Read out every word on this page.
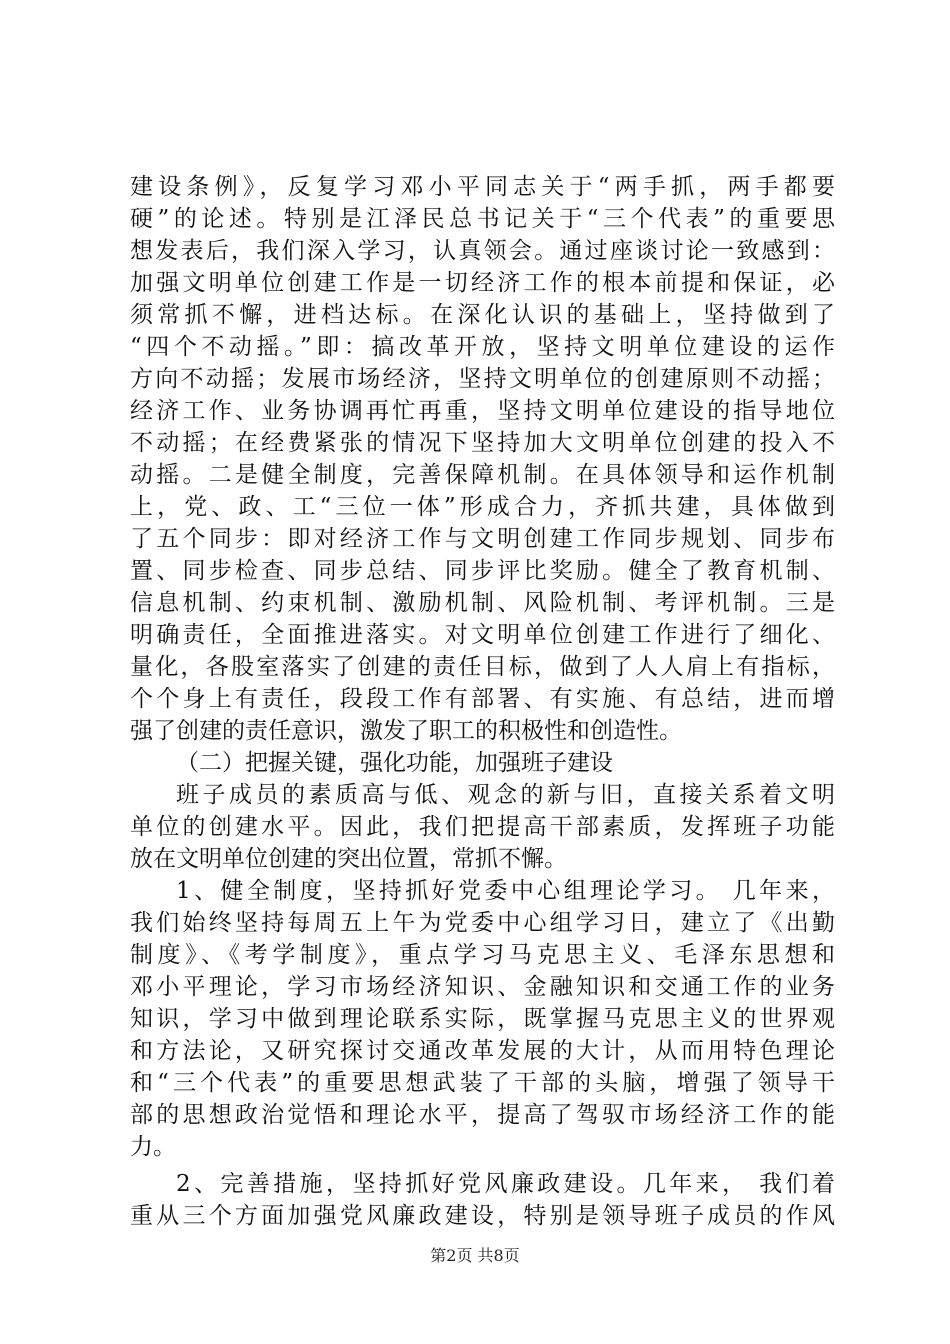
建设条例》，反复学习邓小平同志关于“两手抓，两手都要
硬”的论述。特别是江泽民总书记关于“三个代表”的重要思
想发表后，我们深入学习，认真领会。通过座谈讨论一致感到：
加强文明单位创建工作是一切经济工作的根本前提和保证，必
须常抓不懈，进档达标。在深化认识的基础上，坚持做到了
“四个不动摇。”即：搞改革开放，坚持文明单位建设的运作
方向不动摇；发展市场经济，坚持文明单位的创建原则不动摇；
经济工作、业务协调再忙再重，坚持文明单位建设的指导地位
不动摇；在经费紧张的情况下坚持加大文明单位创建的投入不
动摇。二是健全制度，完善保障机制。在具体领导和运作机制
上，党、政、工“三位一体”形成合力，齐抓共建，具体做到
了五个同步：即对经济工作与文明创建工作同步规划、同步布
置、同步检查、同步总结、同步评比奖励。健全了教育机制、
信息机制、约束机制、激励机制、风险机制、考评机制。三是
明确责任，全面推进落实。对文明单位创建工作进行了细化、
量化，各股室落实了创建的责任目标，做到了人人肩上有指标，
个个身上有责任，段段工作有部署、有实施、有总结，进而增
强了创建的责任意识，激发了职工的积极性和创造性。
（二）把握关键，强化功能，加强班子建设
班子成员的素质高与低、观念的新与旧，直接关系着文明
单位的创建水平。因此，我们把提高干部素质，发挥班子功能
放在文明单位创建的突出位置，常抓不懈。
1、健全制度，坚持抓好党委中心组理论学习。 几年来，
我们始终坚持每周五上午为党委中心组学习日，建立了《出勤
制度》、《考学制度》，重点学习马克思主义、毛泽东思想和
邓小平理论，学习市场经济知识、金融知识和交通工作的业务
知识，学习中做到理论联系实际，既掌握马克思主义的世界观
和方法论，又研究探讨交通改革发展的大计，从而用特色理论
和“三个代表”的重要思想武装了干部的头脑，增强了领导干
部的思想政治觉悟和理论水平，提高了驾驭市场经济工作的能
力。
2、完善措施，坚持抓好党风廉政建设。几年来， 我们着
重从三个方面加强党风廉政建设，特别是领导班子成员的作风
第2页 共8页
